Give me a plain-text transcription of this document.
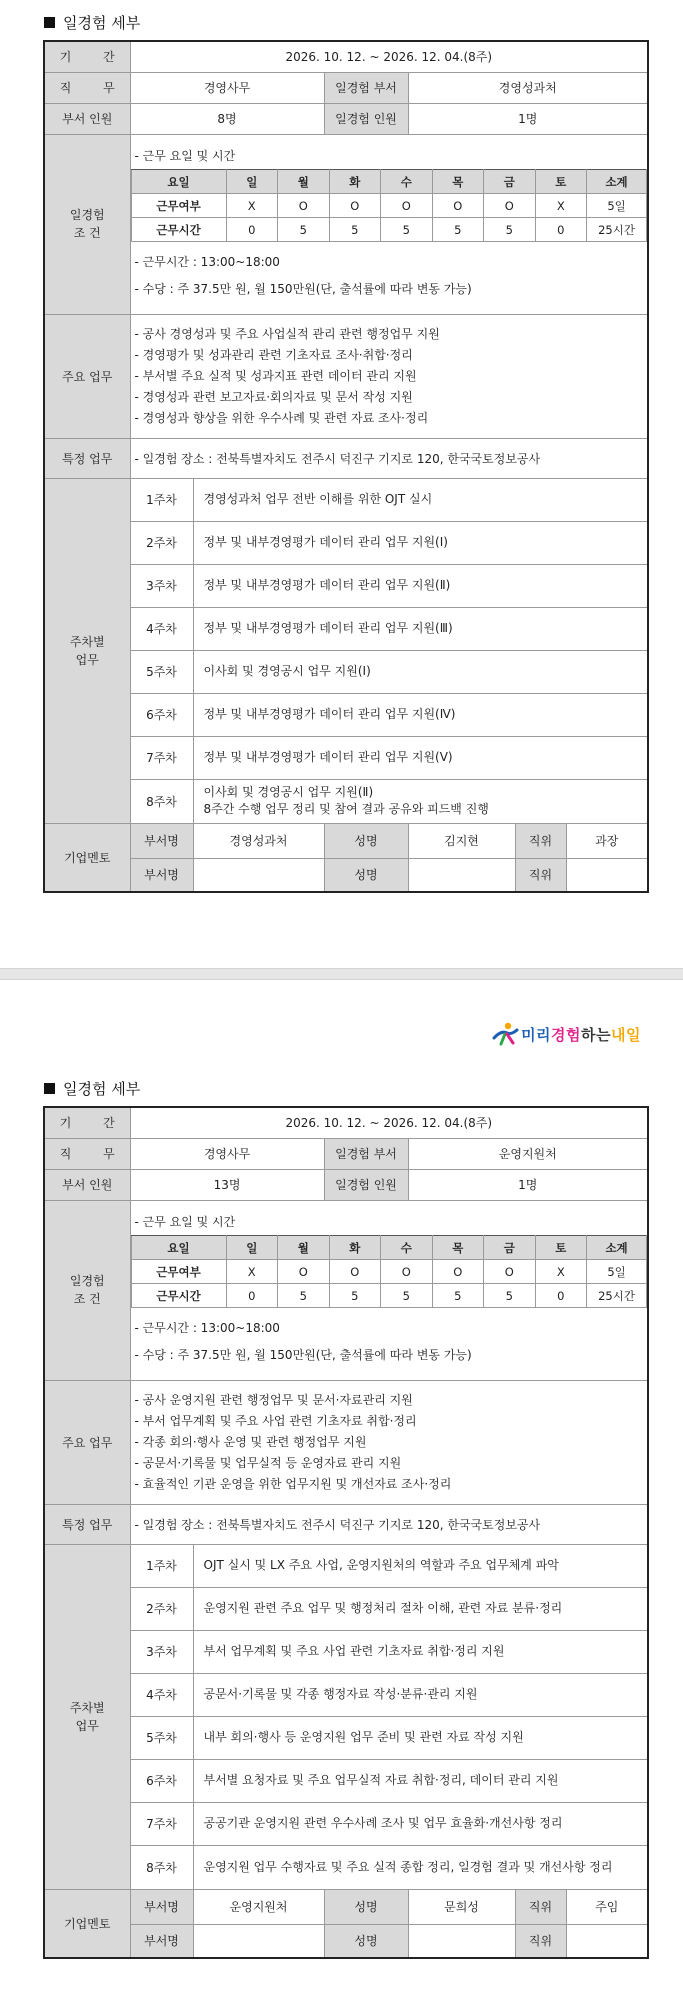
일경험 세부
기 간	2026. 10. 12. ~ 2026. 12. 04.(8주)
직 무	경영사무	일경험 부서	경영성과처
부서 인원	8명	일경험 인원	1명
일경험
조 건	
- 근무 요일 및 시간
요일	일	월	화	수	목	금	토	소계
근무여부	X	O	O	O	O	O	X	5일
근무시간	0	5	5	5	5	5	0	25시간
- 근무시간 : 13:00~18:00
- 수당 : 주 37.5만 원, 월 150만원(단, 출석률에 따라 변동 가능)

주요 업무	
- 공사 경영성과 및 주요 사업실적 관리 관련 행정업무 지원
- 경영평가 및 성과관리 관련 기초자료 조사·취합·정리
- 부서별 주요 실적 및 성과지표 관련 데이터 관리 지원
- 경영성과 관련 보고자료·회의자료 및 문서 작성 지원
- 경영성과 향상을 위한 우수사례 및 관련 자료 조사·정리

특정 업무	- 일경험 장소 : 전북특별자치도 전주시 덕진구 기지로 120, 한국국토정보공사
주차별
업무	1주차	경영성과처 업무 전반 이해를 위한 OJT 실시
2주차	정부 및 내부경영평가 데이터 관리 업무 지원(Ⅰ)
3주차	정부 및 내부경영평가 데이터 관리 업무 지원(Ⅱ)
4주차	정부 및 내부경영평가 데이터 관리 업무 지원(Ⅲ)
5주차	이사회 및 경영공시 업무 지원(Ⅰ)
6주차	정부 및 내부경영평가 데이터 관리 업무 지원(Ⅳ)
7주차	정부 및 내부경영평가 데이터 관리 업무 지원(Ⅴ)
8주차	이사회 및 경영공시 업무 지원(Ⅱ)
8주간 수행 업무 정리 및 참여 결과 공유와 피드백 진행
기업멘토	부서명	경영성과처	성명	김지현	직위	과장
부서명		성명		직위	
미리 경험 하는 내일
일경험 세부
기 간	2026. 10. 12. ~ 2026. 12. 04.(8주)
직 무	경영사무	일경험 부서	운영지원처
부서 인원	13명	일경험 인원	1명
일경험
조 건	
- 근무 요일 및 시간
요일	일	월	화	수	목	금	토	소계
근무여부	X	O	O	O	O	O	X	5일
근무시간	0	5	5	5	5	5	0	25시간
- 근무시간 : 13:00~18:00
- 수당 : 주 37.5만 원, 월 150만원(단, 출석률에 따라 변동 가능)

주요 업무	
- 공사 운영지원 관련 행정업무 및 문서·자료관리 지원
- 부서 업무계획 및 주요 사업 관련 기초자료 취합·정리
- 각종 회의·행사 운영 및 관련 행정업무 지원
- 공문서·기록물 및 업무실적 등 운영자료 관리 지원
- 효율적인 기관 운영을 위한 업무지원 및 개선자료 조사·정리

특정 업무	- 일경험 장소 : 전북특별자치도 전주시 덕진구 기지로 120, 한국국토정보공사
주차별
업무	1주차	OJT 실시 및 LX 주요 사업, 운영지원처의 역할과 주요 업무체계 파악
2주차	운영지원 관련 주요 업무 및 행정처리 절차 이해, 관련 자료 분류·정리
3주차	부서 업무계획 및 주요 사업 관련 기초자료 취합·정리 지원
4주차	공문서·기록물 및 각종 행정자료 작성·분류·관리 지원
5주차	내부 회의·행사 등 운영지원 업무 준비 및 관련 자료 작성 지원
6주차	부서별 요청자료 및 주요 업무실적 자료 취합·정리, 데이터 관리 지원
7주차	공공기관 운영지원 관련 우수사례 조사 및 업무 효율화·개선사항 정리
8주차	운영지원 업무 수행자료 및 주요 실적 종합 정리, 일경험 결과 및 개선사항 정리
기업멘토	부서명	운영지원처	성명	문희성	직위	주임
부서명		성명		직위	
